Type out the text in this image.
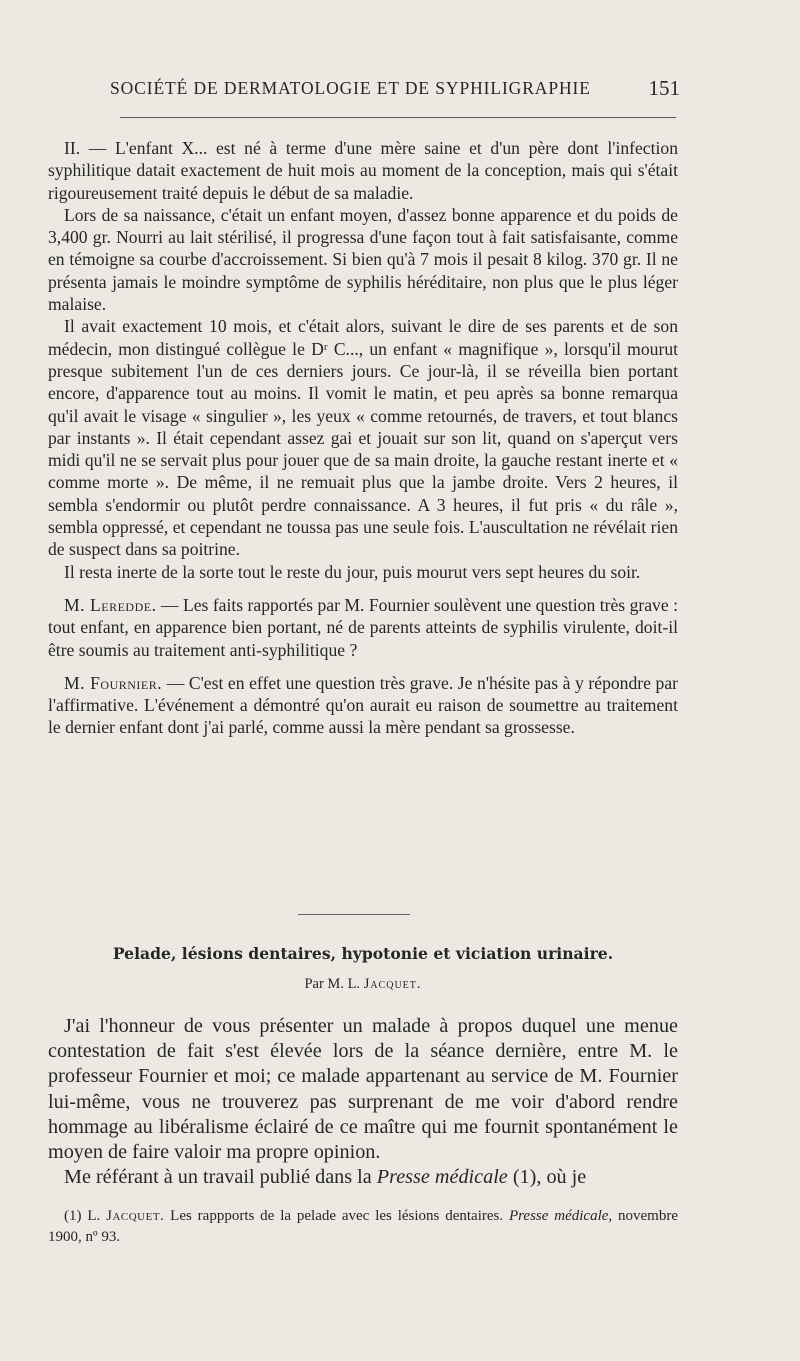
SOCIÉTÉ DE DERMATOLOGIE ET DE SYPHILIGRAPHIE	151

II. — L'enfant X... est né à terme d'une mère saine et d'un père dont l'infection syphilitique datait exactement de huit mois au moment de la conception, mais qui s'était rigoureusement traité depuis le début de sa maladie.

Lors de sa naissance, c'était un enfant moyen, d'assez bonne apparence et du poids de 3,400 gr. Nourri au lait stérilisé, il progressa d'une façon tout à fait satisfaisante, comme en témoigne sa courbe d'accroissement. Si bien qu'à 7 mois il pesait 8 kilog. 370 gr. Il ne présenta jamais le moindre symptôme de syphilis héréditaire, non plus que le plus léger malaise.

Il avait exactement 10 mois, et c'était alors, suivant le dire de ses parents et de son médecin, mon distingué collègue le Dʳ C..., un enfant « magnifique », lorsqu'il mourut presque subitement l'un de ces derniers jours. Ce jour-là, il se réveilla bien portant encore, d'apparence tout au moins. Il vomit le matin, et peu après sa bonne remarqua qu'il avait le visage « singulier », les yeux « comme retournés, de travers, et tout blancs par instants ». Il était cependant assez gai et jouait sur son lit, quand on s'aperçut vers midi qu'il ne se servait plus pour jouer que de sa main droite, la gauche restant inerte et « comme morte ». De même, il ne remuait plus que la jambe droite. Vers 2 heures, il sembla s'endormir ou plutôt perdre connaissance. A 3 heures, il fut pris « du râle », sembla oppressé, et cependant ne toussa pas une seule fois. L'auscultation ne révélait rien de suspect dans sa poitrine.

Il resta inerte de la sorte tout le reste du jour, puis mourut vers sept heures du soir.

M. Leredde. — Les faits rapportés par M. Fournier soulèvent une question très grave : tout enfant, en apparence bien portant, né de parents atteints de syphilis virulente, doit-il être soumis au traitement anti-syphilitique ?

M. Fournier. — C'est en effet une question très grave. Je n'hésite pas à y répondre par l'affirmative. L'événement a démontré qu'on aurait eu raison de soumettre au traitement le dernier enfant dont j'ai parlé, comme aussi la mère pendant sa grossesse.

Pelade, lésions dentaires, hypotonie et viciation urinaire.
Par M. L. Jacquet.

J'ai l'honneur de vous présenter un malade à propos duquel une menue contestation de fait s'est élevée lors de la séance dernière, entre M. le professeur Fournier et moi; ce malade appartenant au service de M. Fournier lui-même, vous ne trouverez pas surprenant de me voir d'abord rendre hommage au libéralisme éclairé de ce maître qui me fournit spontanément le moyen de faire valoir ma propre opinion.

Me référant à un travail publié dans la Presse médicale (1), où je

(1) L. Jacquet. Les rappports de la pelade avec les lésions dentaires. Presse médicale, novembre 1900, nº 93.
